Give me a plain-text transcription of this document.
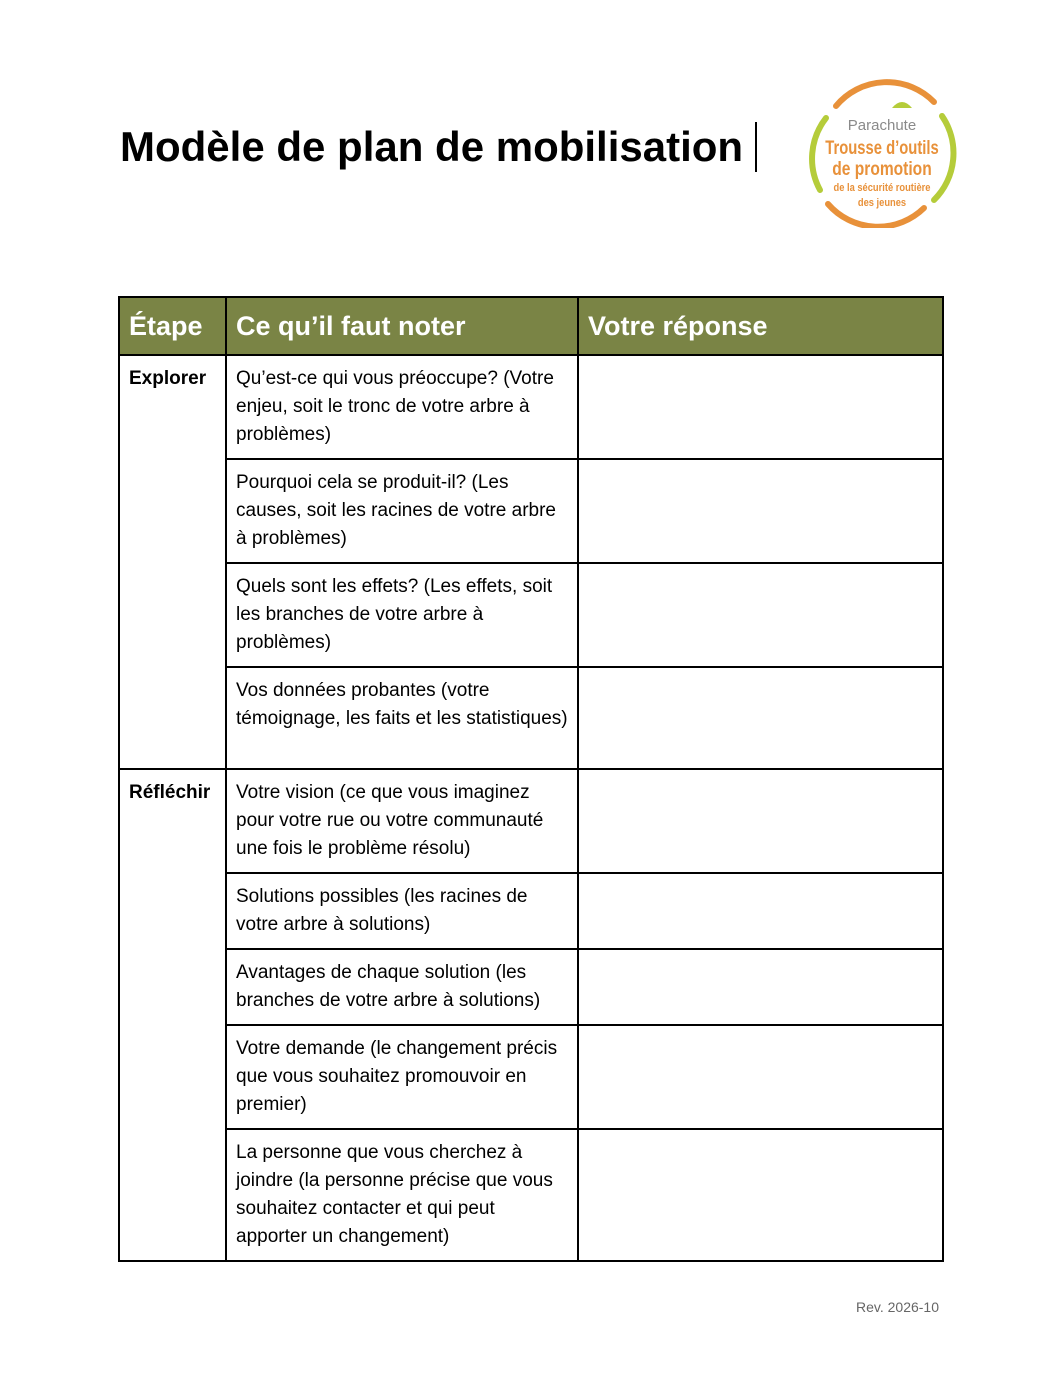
Modèle de plan de mobilisation	Parachute
Trousse d’outils
de promotion
de la sécurité routière
des jeunes
Étape	Ce qu’il faut noter	Votre réponse
Explorer	Qu’est-ce qui vous préoccupe? (Votre enjeu, soit le tronc de votre arbre à problèmes)	
	Pourquoi cela se produit-il? (Les causes, soit les racines de votre arbre à problèmes)	
	Quels sont les effets? (Les effets, soit les branches de votre arbre à problèmes)	
	Vos données probantes (votre témoignage, les faits et les statistiques)	
Réfléchir	Votre vision (ce que vous imaginez pour votre rue ou votre communauté une fois le problème résolu)	
	Solutions possibles (les racines de votre arbre à solutions)	
	Avantages de chaque solution (les branches de votre arbre à solutions)	
	Votre demande (le changement précis que vous souhaitez promouvoir en premier)	
	La personne que vous cherchez à joindre (la personne précise que vous souhaitez contacter et qui peut apporter un changement)	
Rev. 2026-10
